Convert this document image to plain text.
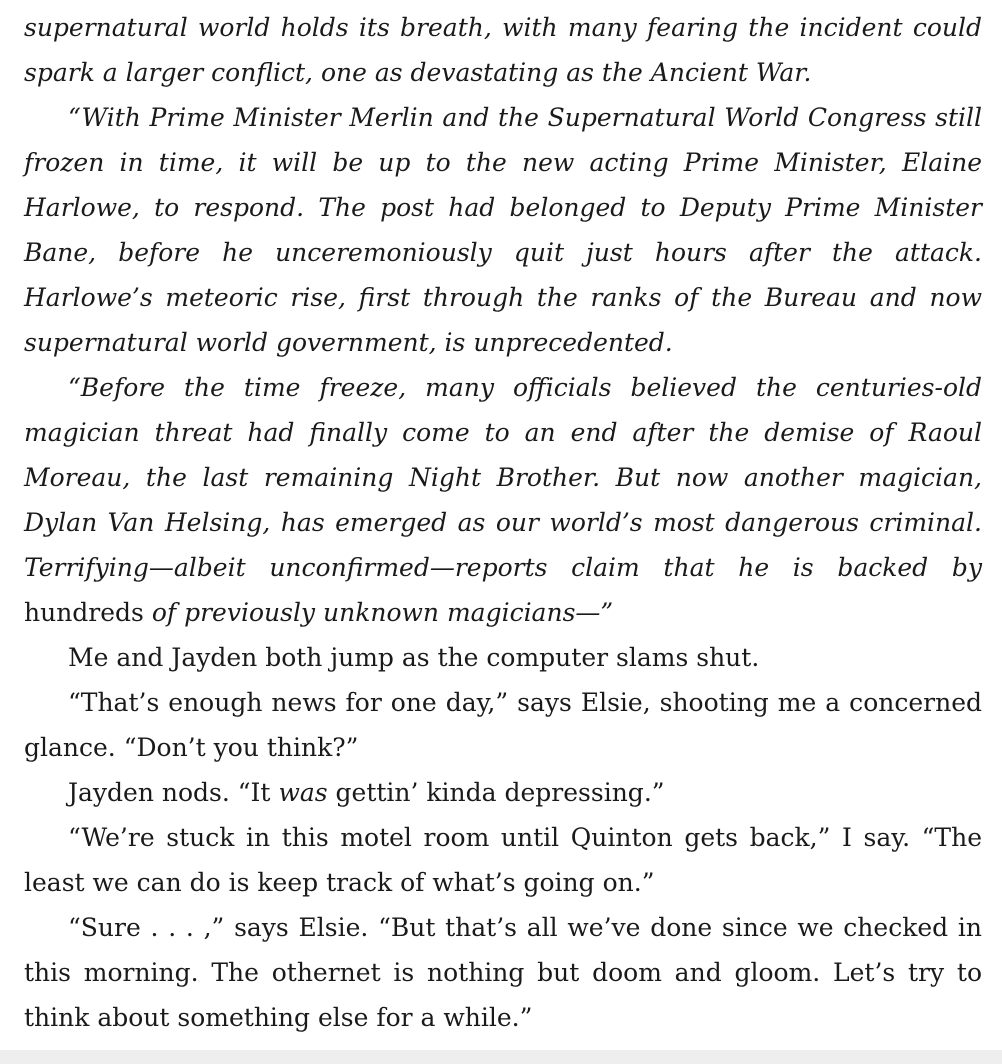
supernatural world holds its breath, with many fearing the incident could spark a larger conflict, one as devastating as the Ancient War.

“With Prime Minister Merlin and the Supernatural World Congress still frozen in time, it will be up to the new acting Prime Minister, Elaine Harlowe, to respond. The post had belonged to Deputy Prime Minister Bane, before he unceremoniously quit just hours after the attack. Harlowe’s meteoric rise, first through the ranks of the Bureau and now supernatural world government, is unprecedented.

“Before the time freeze, many officials believed the centuries-old magician threat had finally come to an end after the demise of Raoul Moreau, the last remaining Night Brother. But now another magician, Dylan Van Helsing, has emerged as our world’s most dangerous criminal. Terrifying—albeit unconfirmed—reports claim that he is backed by hundreds of previously unknown magicians—”

Me and Jayden both jump as the computer slams shut.

“That’s enough news for one day,” says Elsie, shooting me a concerned glance. “Don’t you think?”

Jayden nods. “It was gettin’ kinda depressing.”

“We’re stuck in this motel room until Quinton gets back,” I say. “The least we can do is keep track of what’s going on.”

“Sure . . . ,” says Elsie. “But that’s all we’ve done since we checked in this morning. The othernet is nothing but doom and gloom. Let’s try to think about something else for a while.”
